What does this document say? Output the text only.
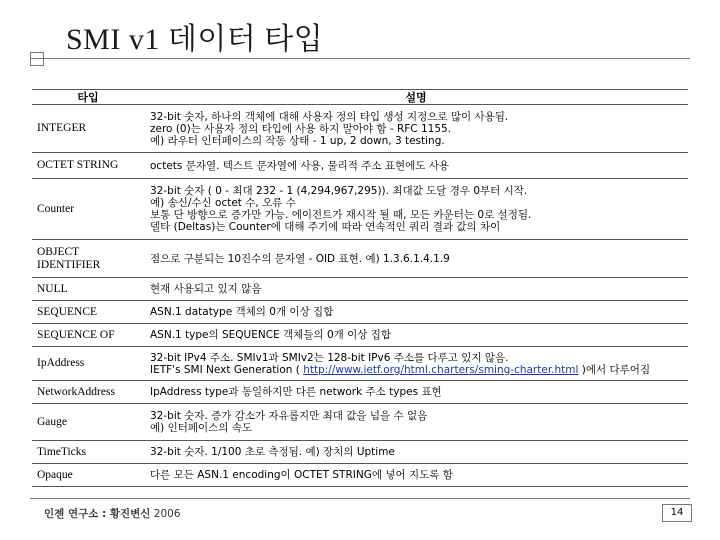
SMI v1 데이터 타입
타입	설명
INTEGER	32-bit 숫자, 하나의 객체에 대해 사용자 정의 타입 생성 지정으로 많이 사용됨.
zero (0)는 사용자 정의 타입에 사용 하지 말아야 함 - RFC 1155.
예) 라우터 인터페이스의 작동 상태 - 1 up, 2 down, 3 testing.

OCTET STRING	octets 문자열. 텍스트 문자열에 사용, 물리적 주소 표현에도 사용

Counter	32-bit 숫자 ( 0 - 최대 232 - 1 (4,294,967,295)). 최대값 도달 경우 0부터 시작.
예) 송신/수신 octet 수, 오류 수
보통 단 방향으로 증가만 가능. 에이전트가 재시작 될 때, 모든 카운터는 0로 설정됨.
델타 (Deltas)는 Counter에 대해 주기에 따라 연속적인 쿼리 결과 값의 차이

OBJECT IDENTIFIER	점으로 구분되는 10진수의 문자열 - OID 표현. 예) 1.3.6.1.4.1.9

NULL	현재 사용되고 있지 않음
SEQUENCE	ASN.1 datatype 객체의 0개 이상 집합
SEQUENCE OF	ASN.1 type의 SEQUENCE 객체들의 0개 이상 집합
IpAddress	32-bit IPv4 주소. SMIv1과 SMIv2는 128-bit IPv6 주소를 다루고 있지 않음.
IETF's SMI Next Generation ( http://www.ietf.org/html.charters/sming-charter.html )에서 다루어짐

NetworkAddress	IpAddress type과 동일하지만 다른 network 주소 types 표현
Gauge	32-bit 숫자. 증가 감소가 자유롭지만 최대 값을 넘을 수 없음
예) 인터페이스의 속도

TimeTicks	32-bit 숫자. 1/100 초로 측정됨. 예) 장치의 Uptime
Opaque	다른 모든 ASN.1 encoding이 OCTET STRING에 넣어 지도록 함
인젠 연구소 : 황진변신 2006	14
